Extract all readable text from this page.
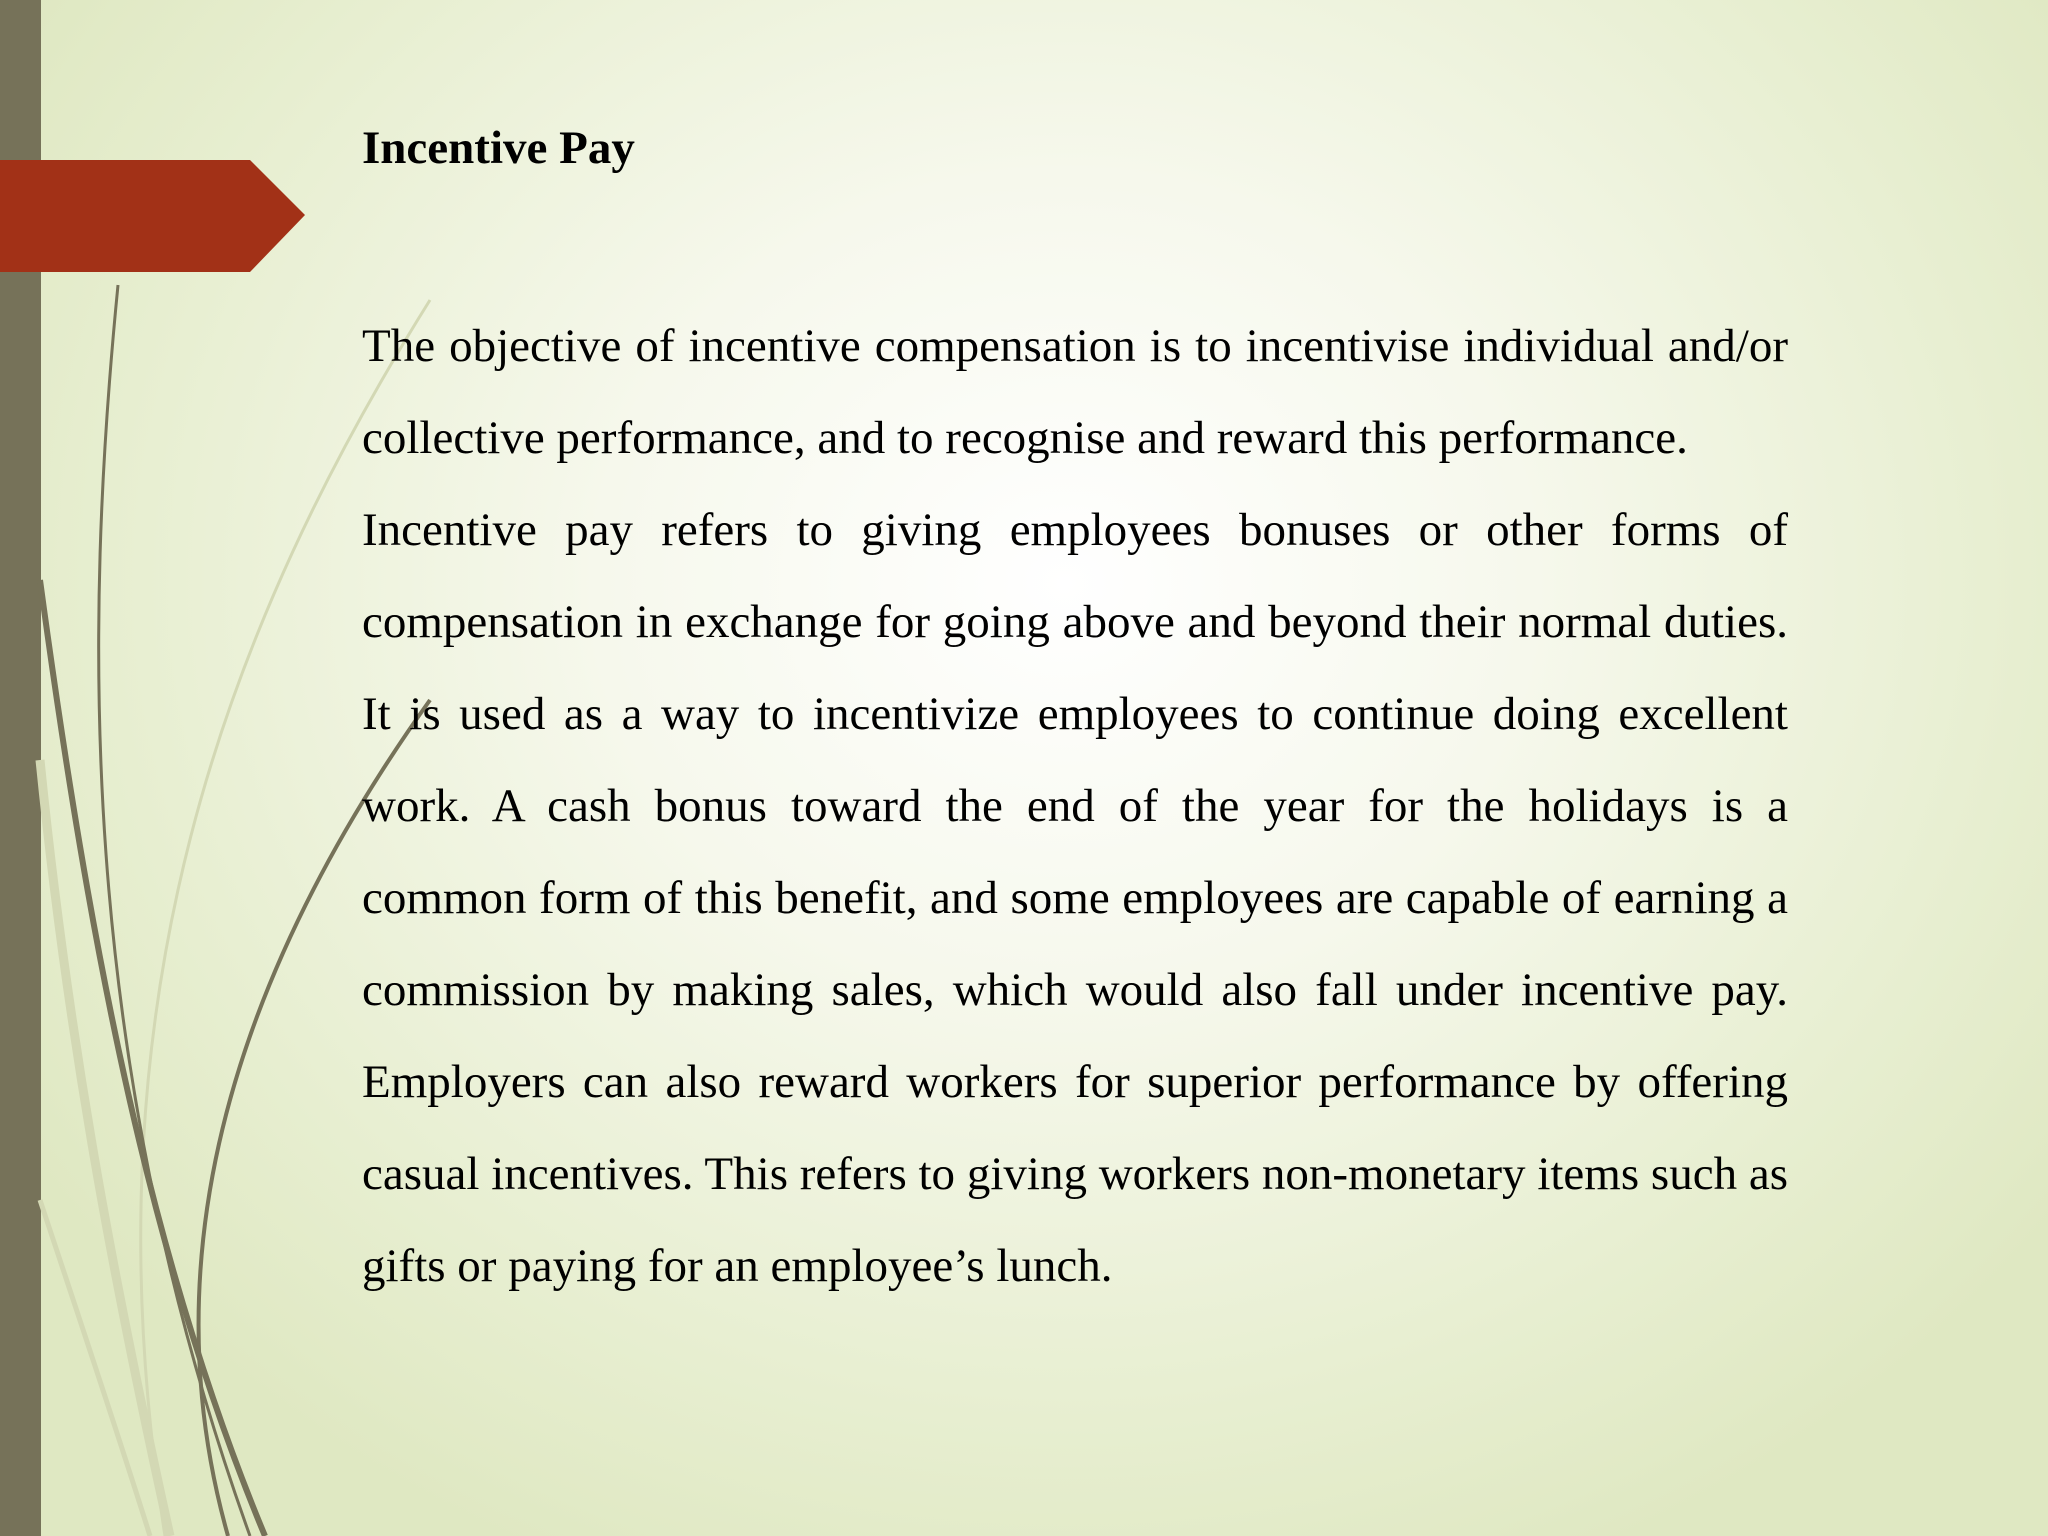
Incentive Pay

The objective of incentive compensation is to incentivise individual and/or collective performance, and to recognise and reward this performance.

Incentive pay refers to giving employees bonuses or other forms of compensation in exchange for going above and beyond their normal duties. It is used as a way to incentivize employees to continue doing excellent work. A cash bonus toward the end of the year for the holidays is a common form of this benefit, and some employees are capable of earning a commission by making sales, which would also fall under incentive pay. Employers can also reward workers for superior performance by offering casual incentives. This refers to giving workers non-monetary items such as gifts or paying for an employee’s lunch.
